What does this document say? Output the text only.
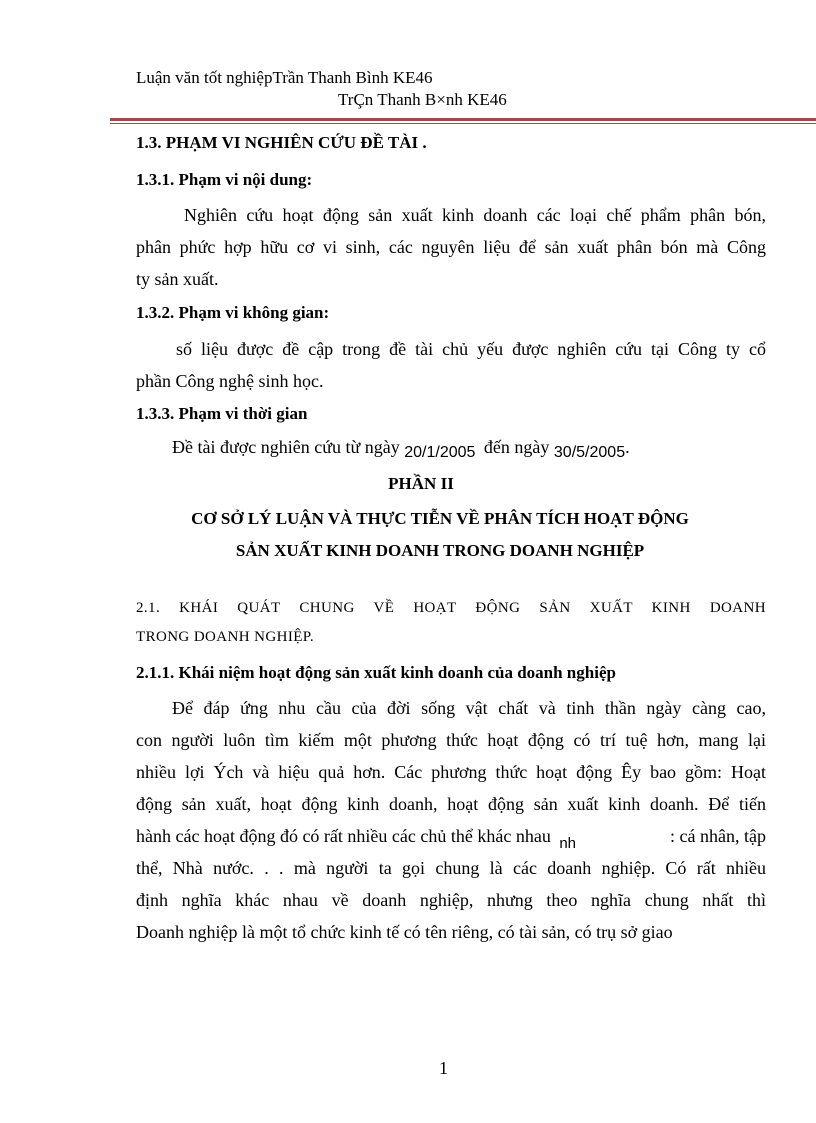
Luận văn tốt nghiệpTrần Thanh Bình KE46
TrÇn Thanh B×nh KE46
1.3. PHẠM VI NGHIÊN CỨU ĐỀ TÀI .
1.3.1. Phạm vi nội dung:
Nghiên cứu hoạt động sản xuất kinh doanh các loại chế phẩm phân bón,
phân phức hợp hữu cơ vi sinh, các nguyên liệu để sản xuất phân bón mà Công
ty sản xuất.
1.3.2. Phạm vi không gian:
số liệu được đề cập trong đề tài chủ yếu được nghiên cứu tại Công ty cổ
phần Công nghệ sinh học.
1.3.3. Phạm vi thời gian
Đề tài được nghiên cứu từ ngày 20/1/2005 đến ngày 30/5/2005.
PHẦN II
CƠ SỞ LÝ LUẬN VÀ THỰC TIỄN VỀ PHÂN TÍCH HOẠT ĐỘNG
SẢN XUẤT KINH DOANH TRONG DOANH NGHIỆP
2.1. KHÁI QUÁT CHUNG VỀ HOẠT ĐỘNG SẢN XUẤT KINH DOANH
TRONG DOANH NGHIỆP.
2.1.1. Khái niệm hoạt động sản xuất kinh doanh của doanh nghiệp
Để đáp ứng nhu cầu của đời sống vật chất và tinh thần ngày càng cao,
con người luôn tìm kiếm một phương thức hoạt động có trí tuệ hơn, mang lại
nhiều lợi Ých và hiệu quả hơn. Các phương thức hoạt động Êy bao gồm: Hoạt
động sản xuất, hoạt động kinh doanh, hoạt động sản xuất kinh doanh. Để tiến
hành các hoạt động đó có rất nhiều các chủ thể khác nhau $_{nh}$	: cá nhân, tập
thể, Nhà nước. . . mà người ta gọi chung là các doanh nghiệp. Có rất nhiều
định nghĩa khác nhau về doanh nghiệp, nhưng theo nghĩa chung nhất thì
Doanh nghiệp là một tổ chức kinh tế có tên riêng, có tài sản, có trụ sở giao
1
